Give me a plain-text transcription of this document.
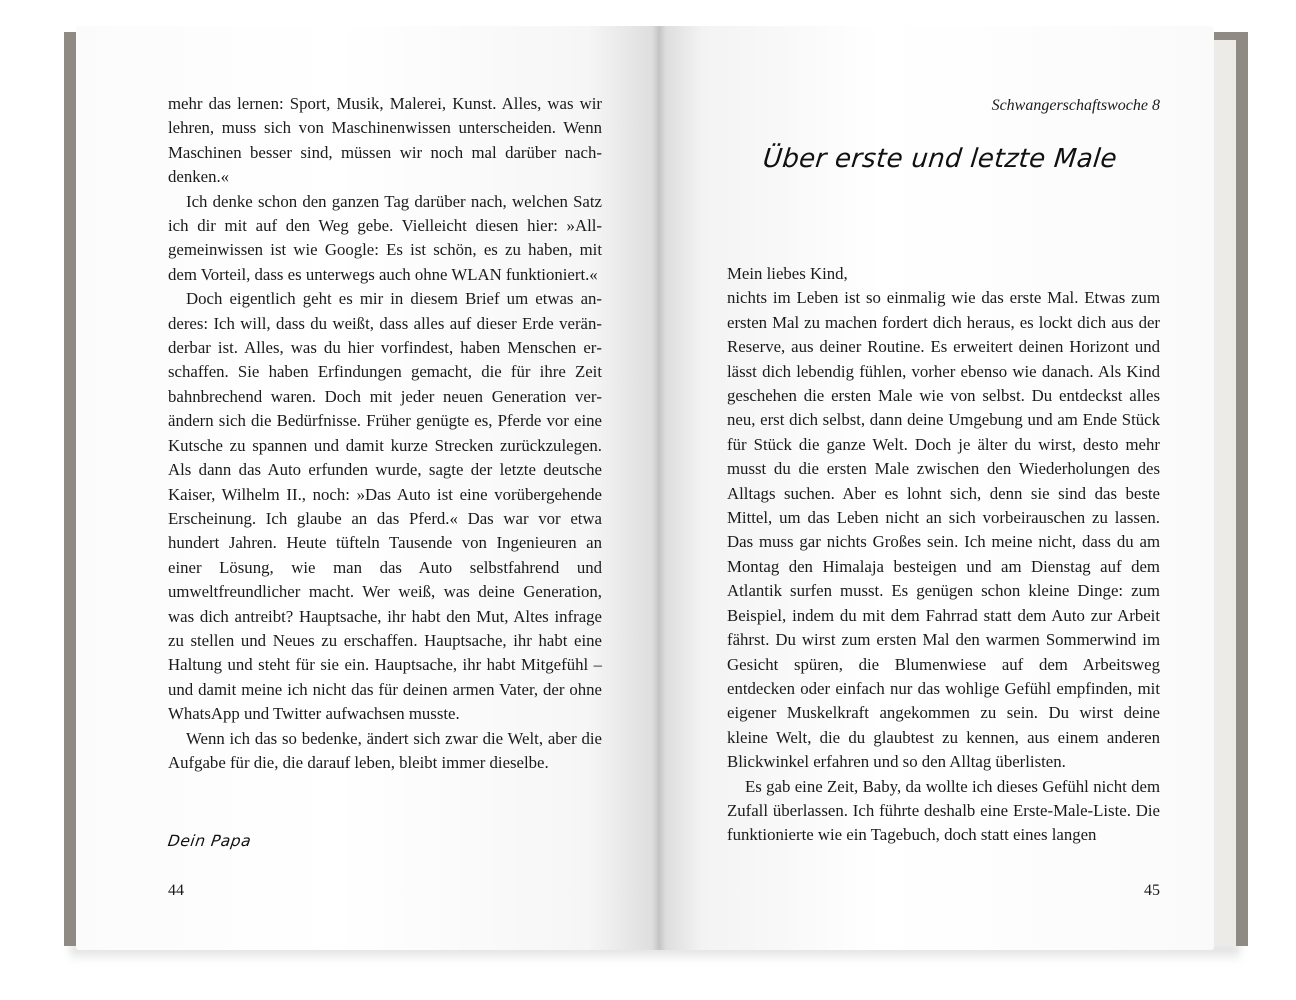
mehr das lernen: Sport, Musik, Malerei, Kunst. Alles, was wir lehren, muss sich von Maschinenwissen unterscheiden. Wenn Maschinen besser sind, müssen wir noch mal darüber nachdenken.«

Ich denke schon den ganzen Tag darüber nach, welchen Satz ich dir mit auf den Weg gebe. Vielleicht diesen hier: »Allgemeinwissen ist wie Google: Es ist schön, es zu haben, mit dem Vorteil, dass es unterwegs auch ohne WLAN funktioniert.«

Doch eigentlich geht es mir in diesem Brief um etwas anderes: Ich will, dass du weißt, dass alles auf dieser Erde veränderbar ist. Alles, was du hier vorfindest, haben Menschen erschaffen. Sie haben Erfindungen gemacht, die für ihre Zeit bahnbrechend waren. Doch mit jeder neuen Generation verändern sich die Bedürfnisse. Früher genügte es, Pferde vor eine Kutsche zu spannen und damit kurze Strecken zurückzulegen. Als dann das Auto erfunden wurde, sagte der letzte deutsche Kaiser, Wilhelm II., noch: »Das Auto ist eine vorübergehende Erscheinung. Ich glaube an das Pferd.« Das war vor etwa hundert Jahren. Heute tüfteln Tausende von Ingenieuren an einer Lösung, wie man das Auto selbstfahrend und umweltfreundlicher macht. Wer weiß, was deine Generation, was dich antreibt? Hauptsache, ihr habt den Mut, Altes infrage zu stellen und Neues zu erschaffen. Hauptsache, ihr habt eine Haltung und steht für sie ein. Hauptsache, ihr habt Mitgefühl – und damit meine ich nicht das für deinen armen Vater, der ohne WhatsApp und Twitter aufwachsen musste.

Wenn ich das so bedenke, ändert sich zwar die Welt, aber die Aufgabe für die, die darauf leben, bleibt immer dieselbe.

Dein Papa
44
Schwangerschaftswoche 8
Über erste und letzte Male

Mein liebes Kind,

nichts im Leben ist so einmalig wie das erste Mal. Etwas zum ersten Mal zu machen fordert dich heraus, es lockt dich aus der Reserve, aus deiner Routine. Es erweitert deinen Horizont und lässt dich lebendig fühlen, vorher ebenso wie danach. Als Kind geschehen die ersten Male wie von selbst. Du entdeckst alles neu, erst dich selbst, dann deine Umgebung und am Ende Stück für Stück die ganze Welt. Doch je älter du wirst, desto mehr musst du die ersten Male zwischen den Wiederholungen des Alltags suchen. Aber es lohnt sich, denn sie sind das beste Mittel, um das Leben nicht an sich vorbeirauschen zu lassen. Das muss gar nichts Großes sein. Ich meine nicht, dass du am Montag den Himalaja besteigen und am Dienstag auf dem Atlantik surfen musst. Es genügen schon kleine Dinge: zum Beispiel, indem du mit dem Fahrrad statt dem Auto zur Arbeit fährst. Du wirst zum ersten Mal den warmen Sommerwind im Gesicht spüren, die Blumenwiese auf dem Arbeitsweg entdecken oder einfach nur das wohlige Gefühl empfinden, mit eigener Muskelkraft angekommen zu sein. Du wirst deine kleine Welt, die du glaubtest zu kennen, aus einem anderen Blickwinkel erfahren und so den Alltag überlisten.

Es gab eine Zeit, Baby, da wollte ich dieses Gefühl nicht dem Zufall überlassen. Ich führte deshalb eine Erste-Male-Liste. Die funktionierte wie ein Tagebuch, doch statt eines langen

45
